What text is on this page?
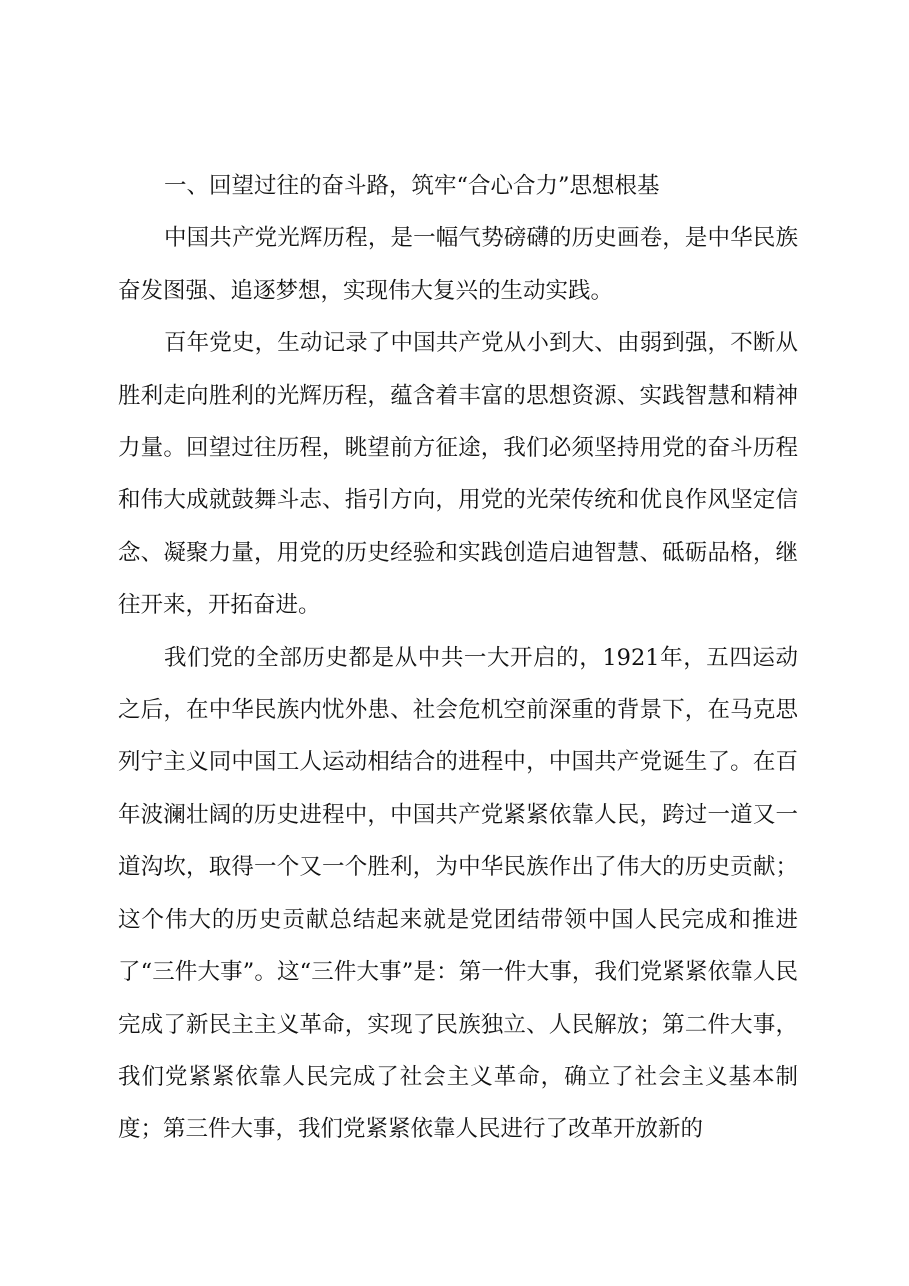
一、回望过往的奋斗路，筑牢“合心合力”思想根基

中国共产党光辉历程，是一幅气势磅礴的历史画卷，是中华民族奋发图强、追逐梦想，实现伟大复兴的生动实践。

百年党史，生动记录了中国共产党从小到大、由弱到强，不断从胜利走向胜利的光辉历程，蕴含着丰富的思想资源、实践智慧和精神力量。回望过往历程，眺望前方征途，我们必须坚持用党的奋斗历程和伟大成就鼓舞斗志、指引方向，用党的光荣传统和优良作风坚定信念、凝聚力量，用党的历史经验和实践创造启迪智慧、砥砺品格，继往开来，开拓奋进。

我们党的全部历史都是从中共一大开启的，1921年，五四运动之后，在中华民族内忧外患、社会危机空前深重的背景下，在马克思列宁主义同中国工人运动相结合的进程中，中国共产党诞生了。在百年波澜壮阔的历史进程中，中国共产党紧紧依靠人民，跨过一道又一道沟坎，取得一个又一个胜利，为中华民族作出了伟大的历史贡献；这个伟大的历史贡献总结起来就是党团结带领中国人民完成和推进了“三件大事”。这“三件大事”是：第一件大事，我们党紧紧依靠人民完成了新民主主义革命，实现了民族独立、人民解放；第二件大事，我们党紧紧依靠人民完成了社会主义革命，确立了社会主义基本制度；第三件大事，我们党紧紧依靠人民进行了改革开放新的
